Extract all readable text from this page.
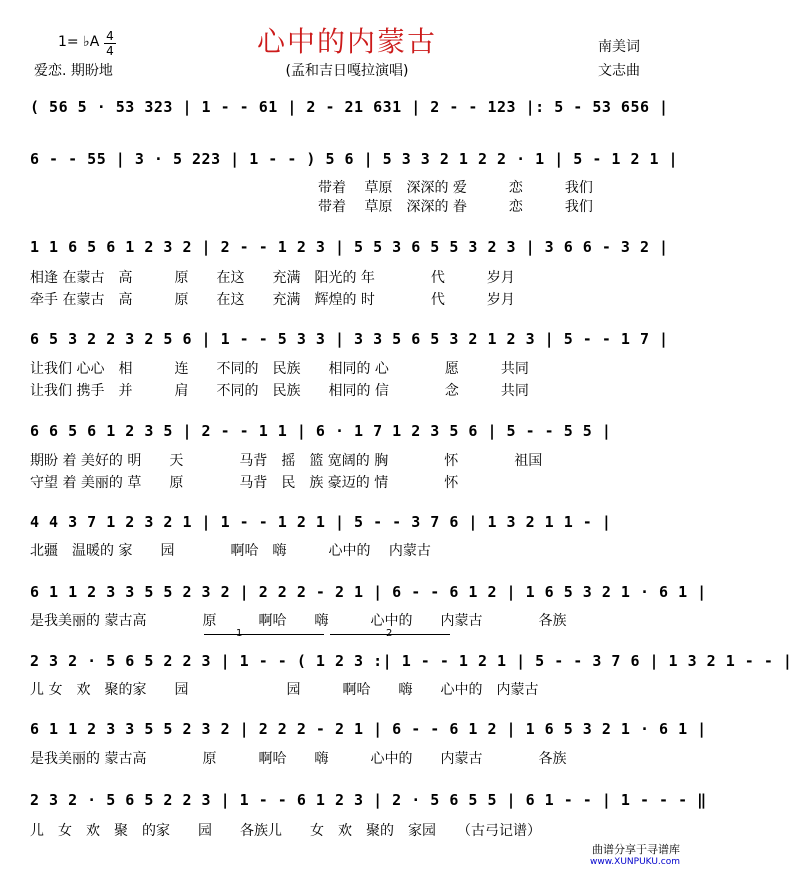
心中的内蒙古
(孟和吉日嘎拉演唱)
1= ♭A 4
4
爱恋. 期盼地
南美词
文志曲
( 56 5 · 53 323 | 1 - - 61 | 2 - 21 631 | 2 - - 123 |: 5 - 53 656 |
6 - - 55 | 3 · 5 223 | 1 - - ) 5 6 | 5 3 3 2 1 2 2 · 1 | 5 - 1 2 1 |
带着　 草原　深深的 爱　　　恋　　　我们
带着　 草原　深深的 眷　　　恋　　　我们
1 1 6 5 6 1 2 3 2 | 2 - - 1 2 3 | 5 5 3 6 5 5 3 2 3 | 3 6 6 - 3 2 |
相逢 在蒙古　高　　　原　　在这　　充满　阳光的 年　　　　代　　　岁月
牵手 在蒙古　高　　　原　　在这　　充满　辉煌的 时　　　　代　　　岁月
6 5 3 2 2 3 2 5 6 | 1 - - 5 3 3 | 3 3 5 6 5 3 2 1 2 3 | 5 - - 1 7 |
让我们 心心　相　　　连　　不同的　民族　　相同的 心　　　　愿　　　共同
让我们 携手　并　　　肩　　不同的　民族　　相同的 信　　　　念　　　共同
6 6 5 6 1 2 3 5 | 2 - - 1 1 | 6 · 1 7 1 2 3 5 6 | 5 - - 5 5 |
期盼 着 美好的 明　　天　　　　马背　摇　篮 宽阔的 胸　　　　怀　　　　祖国
守望 着 美丽的 草　　原　　　　马背　民　族 豪迈的 情　　　　怀
4 4 3 7 1 2 3 2 1 | 1 - - 1 2 1 | 5 - - 3 7 6 | 1 3 2 1 1 - |
北疆　温暖的 家　　园　　　　啊哈　嗨　　　心中的　 内蒙古
6 1 1 2 3 3 5 5 2 3 2 | 2 2 2 - 2 1 | 6 - - 6 1 2 | 1 6 5 3 2 1 · 6 1 |
是我美丽的 蒙古高　　　　原　　　啊哈　　嗨　　　心中的　　内蒙古　　　　各族
1	2
2 3 2 · 5 6 5 2 2 3 | 1 - - ( 1 2 3 :| 1 - - 1 2 1 | 5 - - 3 7 6 | 1 3 2 1 - - |
儿 女　欢　聚的家　　园　　　　　　　园　　　啊哈　　嗨　　心中的　内蒙古
6 1 1 2 3 3 5 5 2 3 2 | 2 2 2 - 2 1 | 6 - - 6 1 2 | 1 6 5 3 2 1 · 6 1 |
是我美丽的 蒙古高　　　　原　　　啊哈　　嗨　　　心中的　　内蒙古　　　　各族
2 3 2 · 5 6 5 2 2 3 | 1 - - 6 1 2 3 | 2 · 5 6 5 5 | 6 1 - - | 1 - - - ‖
儿　女　欢　聚　的家　　园　　各族儿　　女　欢　聚的　家园　　（古弓记谱）
曲谱分享于寻谱库
www.XUNPUKU.com
